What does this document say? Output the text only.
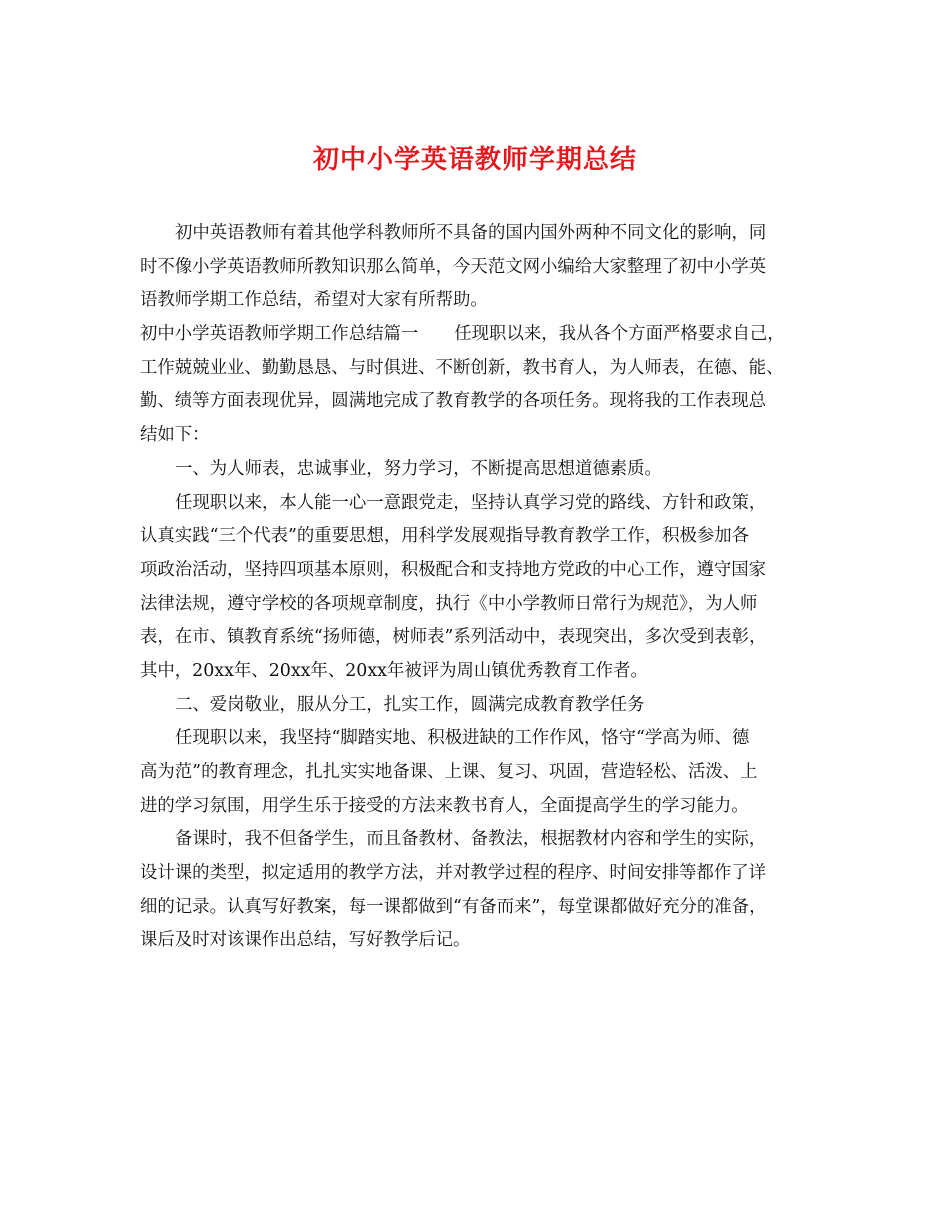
初中小学英语教师学期总结
初中英语教师有着其他学科教师所不具备的国内国外两种不同文化的影响，同
时不像小学英语教师所教知识那么简单，今天范文网小编给大家整理了初中小学英
语教师学期工作总结，希望对大家有所帮助。
初中小学英语教师学期工作总结篇一 任现职以来，我从各个方面严格要求自己，
工作兢兢业业、勤勤恳恳、与时俱进、不断创新，教书育人，为人师表，在德、能、
勤、绩等方面表现优异，圆满地完成了教育教学的各项任务。现将我的工作表现总
结如下：
一、为人师表，忠诚事业，努力学习，不断提高思想道德素质。
任现职以来，本人能一心一意跟党走，坚持认真学习党的路线、方针和政策，
认真实践“三个代表”的重要思想，用科学发展观指导教育教学工作，积极参加各
项政治活动，坚持四项基本原则，积极配合和支持地方党政的中心工作，遵守国家
法律法规，遵守学校的各项规章制度，执行《中小学教师日常行为规范》，为人师
表，在市、镇教育系统“扬师德，树师表”系列活动中，表现突出，多次受到表彰，
其中，20xx年、20xx年、20xx年被评为周山镇优秀教育工作者。
二、爱岗敬业，服从分工，扎实工作，圆满完成教育教学任务
任现职以来，我坚持“脚踏实地、积极进缺的工作作风，恪守“学高为师、德
高为范”的教育理念，扎扎实实地备课、上课、复习、巩固，营造轻松、活泼、上
进的学习氛围，用学生乐于接受的方法来教书育人，全面提高学生的学习能力。
备课时，我不但备学生，而且备教材、备教法，根据教材内容和学生的实际，
设计课的类型，拟定适用的教学方法，并对教学过程的程序、时间安排等都作了详
细的记录。认真写好教案，每一课都做到“有备而来”，每堂课都做好充分的准备，
课后及时对该课作出总结，写好教学后记。
